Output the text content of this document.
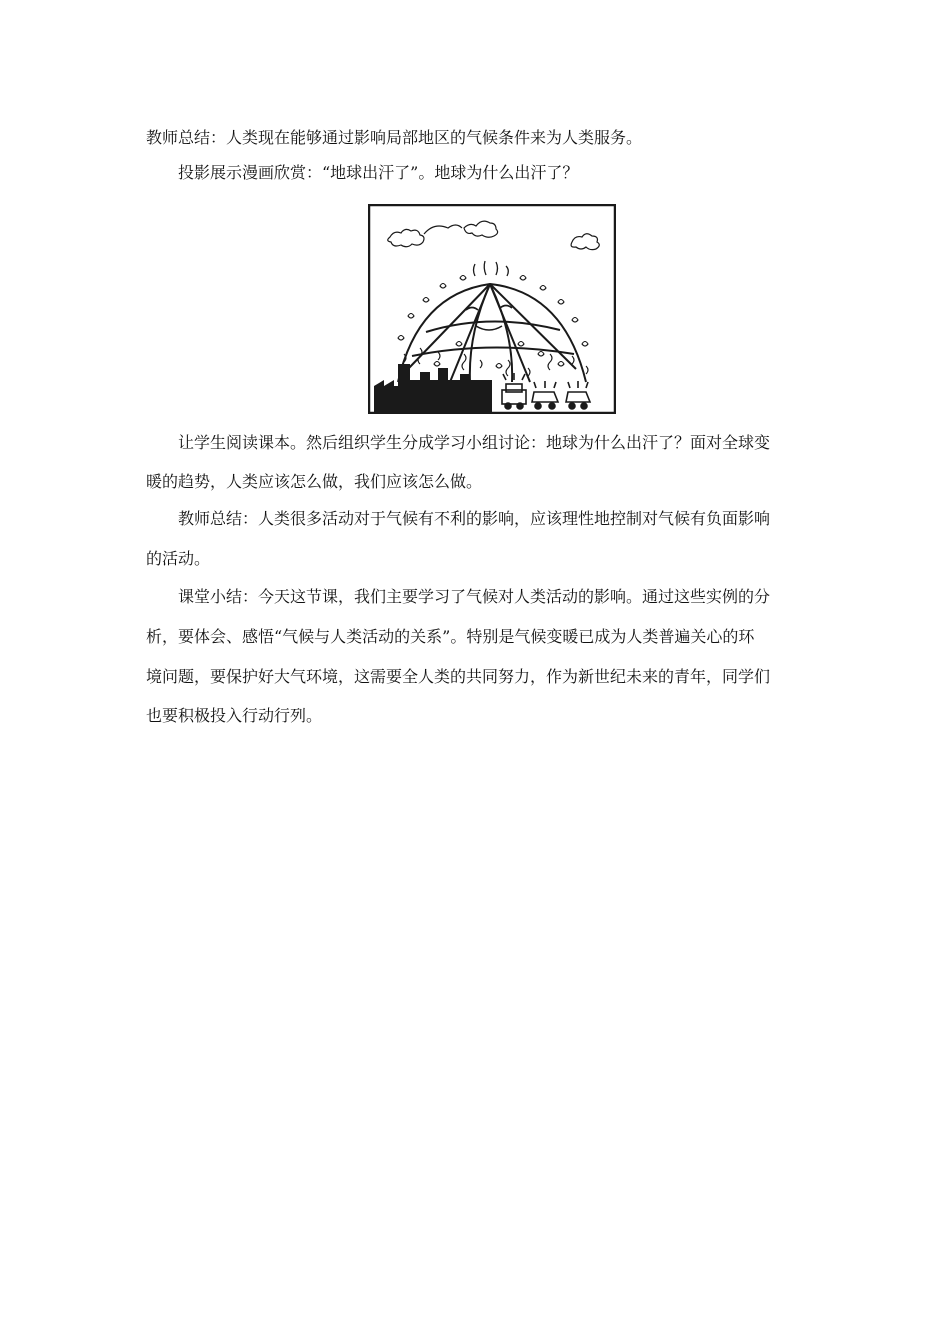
教师总结：人类现在能够通过影响局部地区的气候条件来为人类服务。
投影展示漫画欣赏：“地球出汗了”。地球为什么出汗了？
让学生阅读课本。然后组织学生分成学习小组讨论：地球为什么出汗了？面对全球变
暖的趋势，人类应该怎么做，我们应该怎么做。
教师总结：人类很多活动对于气候有不利的影响，应该理性地控制对气候有负面影响
的活动。
课堂小结：今天这节课，我们主要学习了气候对人类活动的影响。通过这些实例的分
析，要体会、感悟“气候与人类活动的关系”。特别是气候变暖已成为人类普遍关心的环
境问题，要保护好大气环境，这需要全人类的共同努力，作为新世纪未来的青年，同学们
也要积极投入行动行列。
